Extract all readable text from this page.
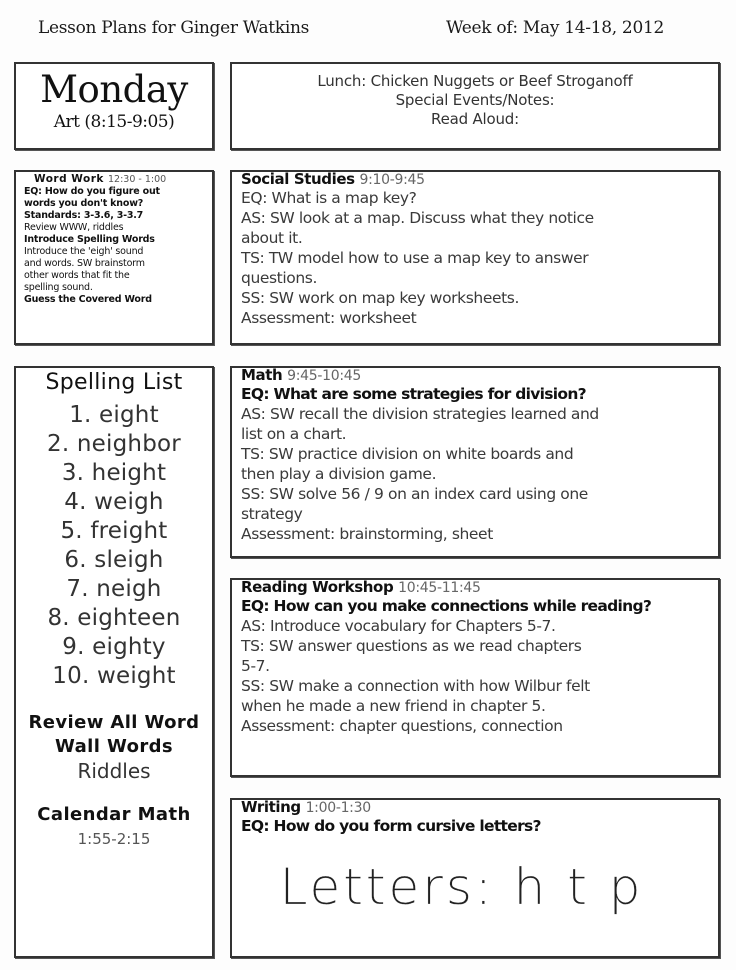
Lesson Plans for Ginger Watkins	Week of: May 14-18, 2012
Monday
Art (8:15-9:05)
Lunch: Chicken Nuggets or Beef Stroganoff
Special Events/Notes:
Read Aloud:
Word Work 12:30 - 1:00
EQ: How do you figure out
words you don't know?
Standards: 3-3.6, 3-3.7
Review WWW, riddles
Introduce Spelling Words
Introduce the 'eigh' sound
and words. SW brainstorm
other words that fit the
spelling sound.
Guess the Covered Word
Social Studies 9:10-9:45
EQ: What is a map key?
AS: SW look at a map. Discuss what they notice
about it.
TS: TW model how to use a map key to answer
questions.
SS: SW work on map key worksheets.
Assessment: worksheet
Spelling List
1. eight
2. neighbor
3. height
4. weigh
5. freight
6. sleigh
7. neigh
8. eighteen
9. eighty
10. weight
Review All Word
Wall Words
Riddles
Calendar Math
1:55-2:15
Math 9:45-10:45
EQ: What are some strategies for division?
AS: SW recall the division strategies learned and
list on a chart.
TS: SW practice division on white boards and
then play a division game.
SS: SW solve 56 / 9 on an index card using one
strategy
Assessment: brainstorming, sheet
Reading Workshop 10:45-11:45
EQ: How can you make connections while reading?
AS: Introduce vocabulary for Chapters 5-7.
TS: SW answer questions as we read chapters
5-7.
SS: SW make a connection with how Wilbur felt
when he made a new friend in chapter 5.
Assessment: chapter questions, connection
Writing 1:00-1:30
EQ: How do you form cursive letters?
Letters: h t p
